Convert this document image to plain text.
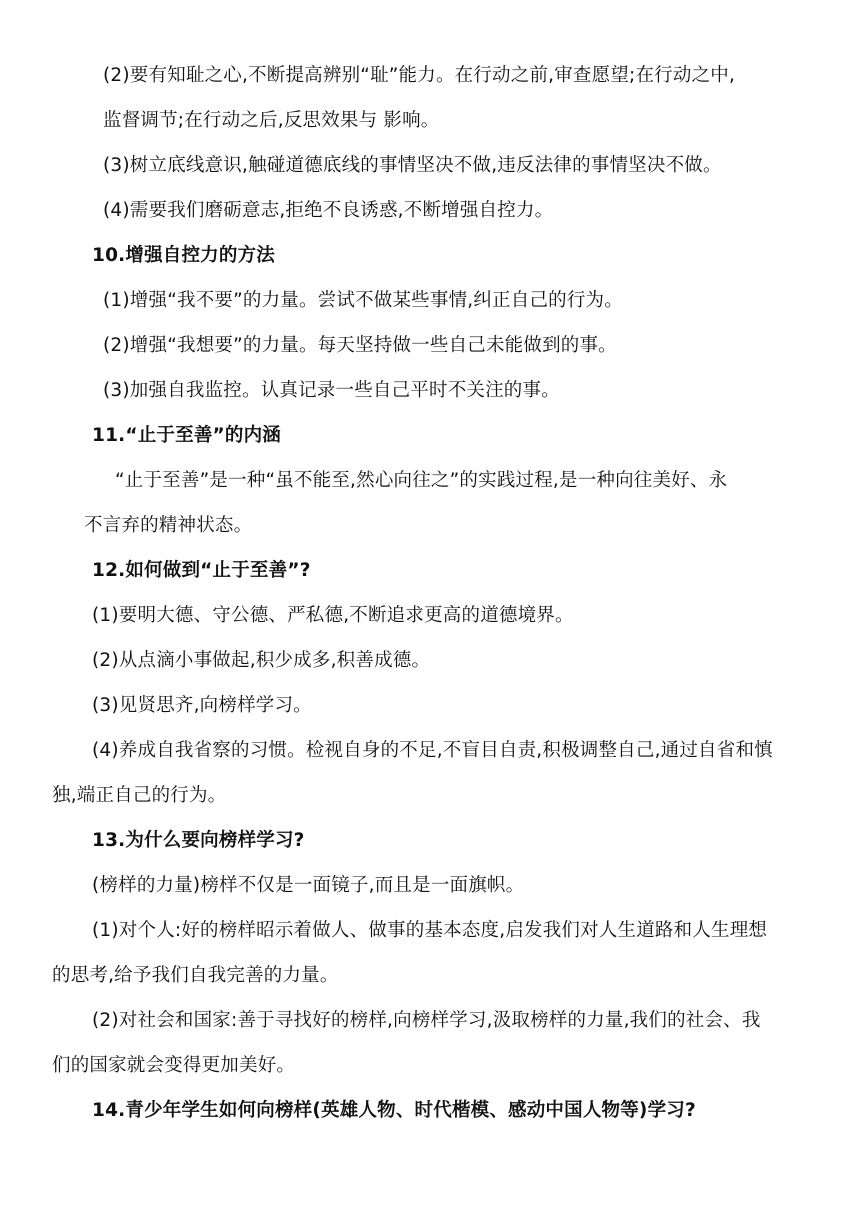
(2)要有知耻之心,不断提高辨别“耻”能力。在行动之前,审查愿望;在行动之中,
监督调节;在行动之后,反思效果与 影响。
(3)树立底线意识,触碰道德底线的事情坚决不做,违反法律的事情坚决不做。
(4)需要我们磨砺意志,拒绝不良诱惑,不断增强自控力。
10.增强自控力的方法
(1)增强“我不要”的力量。尝试不做某些事情,纠正自己的行为。
(2)增强“我想要”的力量。每天坚持做一些自己未能做到的事。
(3)加强自我监控。认真记录一些自己平时不关注的事。
11.“止于至善”的内涵
“止于至善”是一种“虽不能至,然心向往之”的实践过程,是一种向往美好、永
不言弃的精神状态。
12.如何做到“止于至善”?
(1)要明大德、守公德、严私德,不断追求更高的道德境界。
(2)从点滴小事做起,积少成多,积善成德。
(3)见贤思齐,向榜样学习。
(4)养成自我省察的习惯。检视自身的不足,不盲目自责,积极调整自己,通过自省和慎
独,端正自己的行为。
13.为什么要向榜样学习?
(榜样的力量)榜样不仅是一面镜子,而且是一面旗帜。
(1)对个人:好的榜样昭示着做人、做事的基本态度,启发我们对人生道路和人生理想
的思考,给予我们自我完善的力量。
(2)对社会和国家:善于寻找好的榜样,向榜样学习,汲取榜样的力量,我们的社会、我
们的国家就会变得更加美好。
14.青少年学生如何向榜样(英雄人物、时代楷模、感动中国人物等)学习?
